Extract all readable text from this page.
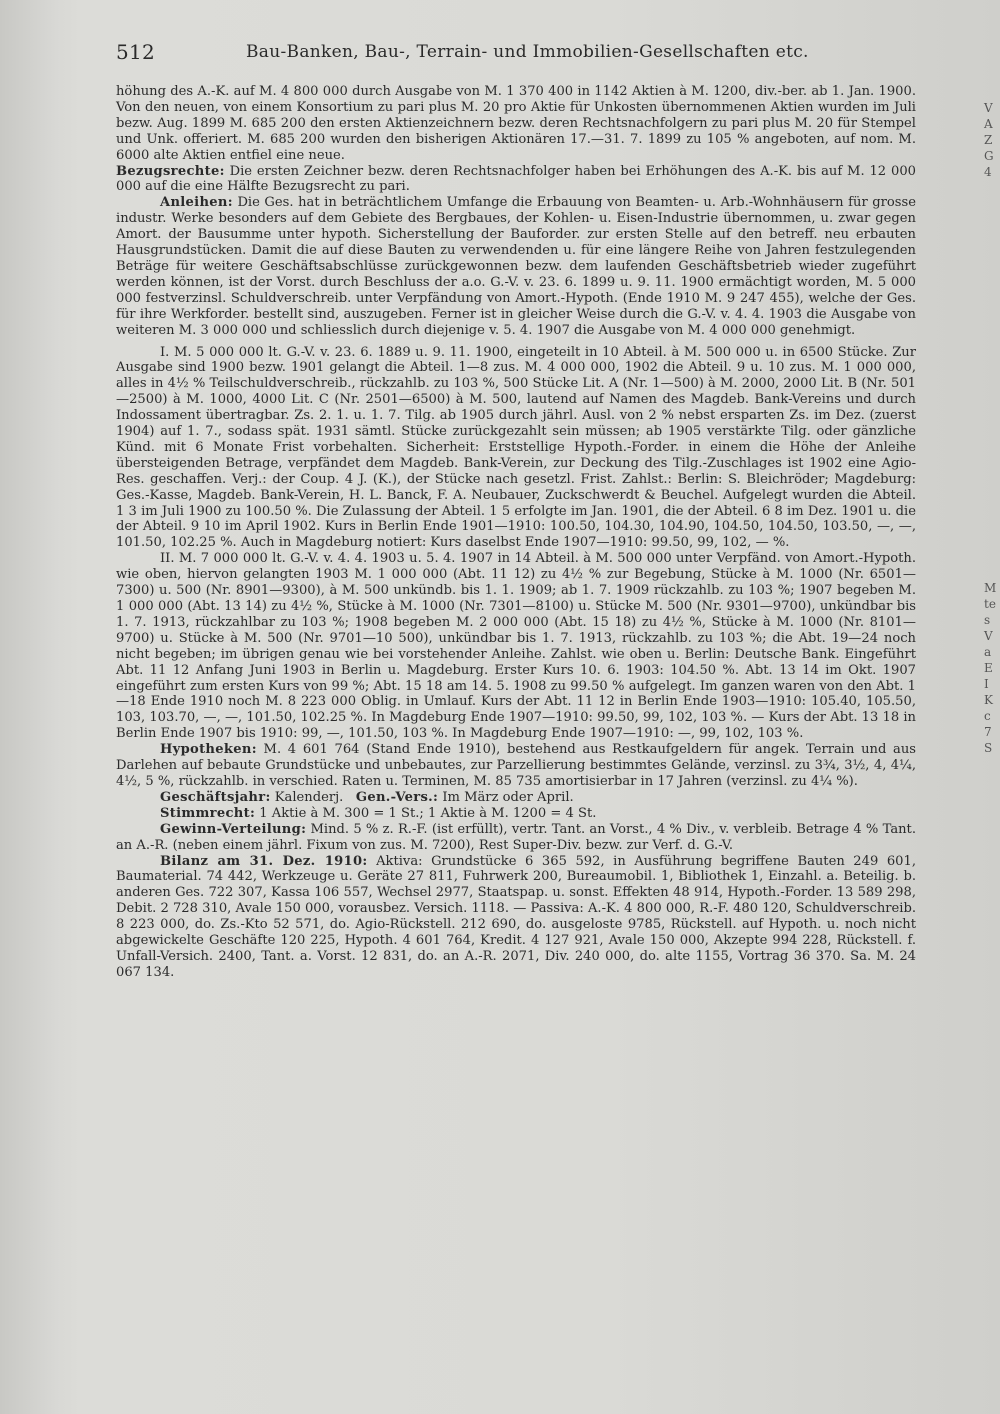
512	Bau-Banken, Bau-, Terrain- und Immobilien-Gesellschaften etc.

höhung des A.-K. auf M. 4 800 000 durch Ausgabe von M. 1 370 400 in 1142 Aktien à M. 1200, div.-ber. ab 1. Jan. 1900. Von den neuen, von einem Konsortium zu pari plus M. 20 pro Aktie für Unkosten übernommenen Aktien wurden im Juli bezw. Aug. 1899 M. 685 200 den ersten Aktienzeichnern bezw. deren Rechtsnachfolgern zu pari plus M. 20 für Stempel und Unk. offeriert. M. 685 200 wurden den bisherigen Aktionären 17.—31. 7. 1899 zu 105 % angeboten, auf nom. M. 6000 alte Aktien entfiel eine neue.

Bezugsrechte: Die ersten Zeichner bezw. deren Rechtsnachfolger haben bei Erhöhungen des A.-K. bis auf M. 12 000 000 auf die eine Hälfte Bezugsrecht zu pari.

Anleihen: Die Ges. hat in beträchtlichem Umfange die Erbauung von Beamten- u. Arb.-Wohnhäusern für grosse industr. Werke besonders auf dem Gebiete des Bergbaues, der Kohlen- u. Eisen-Industrie übernommen, u. zwar gegen Amort. der Bausumme unter hypoth. Sicherstellung der Bauforder. zur ersten Stelle auf den betreff. neu erbauten Hausgrundstücken. Damit die auf diese Bauten zu verwendenden u. für eine längere Reihe von Jahren festzulegenden Beträge für weitere Geschäftsabschlüsse zurückgewonnen bezw. dem laufenden Geschäftsbetrieb wieder zugeführt werden können, ist der Vorst. durch Beschluss der a.o. G.-V. v. 23. 6. 1899 u. 9. 11. 1900 ermächtigt worden, M. 5 000 000 festverzinsl. Schuldverschreib. unter Verpfändung von Amort.-Hypoth. (Ende 1910 M. 9 247 455), welche der Ges. für ihre Werkforder. bestellt sind, auszugeben. Ferner ist in gleicher Weise durch die G.-V. v. 4. 4. 1903 die Ausgabe von weiteren M. 3 000 000 und schliesslich durch diejenige v. 5. 4. 1907 die Ausgabe von M. 4 000 000 genehmigt.

I. M. 5 000 000 lt. G.-V. v. 23. 6. 1889 u. 9. 11. 1900, eingeteilt in 10 Abteil. à M. 500 000 u. in 6500 Stücke. Zur Ausgabe sind 1900 bezw. 1901 gelangt die Abteil. 1—8 zus. M. 4 000 000, 1902 die Abteil. 9 u. 10 zus. M. 1 000 000, alles in 4½ % Teilschuldverschreib., rückzahlb. zu 103 %, 500 Stücke Lit. A (Nr. 1—500) à M. 2000, 2000 Lit. B (Nr. 501—2500) à M. 1000, 4000 Lit. C (Nr. 2501—6500) à M. 500, lautend auf Namen des Magdeb. Bank-Vereins und durch Indossament übertragbar. Zs. 2. 1. u. 1. 7. Tilg. ab 1905 durch jährl. Ausl. von 2 % nebst ersparten Zs. im Dez. (zuerst 1904) auf 1. 7., sodass spät. 1931 sämtl. Stücke zurückgezahlt sein müssen; ab 1905 verstärkte Tilg. oder gänzliche Künd. mit 6 Monate Frist vorbehalten. Sicherheit: Erststellige Hypoth.-Forder. in einem die Höhe der Anleihe übersteigenden Betrage, verpfändet dem Magdeb. Bank-Verein, zur Deckung des Tilg.-Zuschlages ist 1902 eine Agio-Res. geschaffen. Verj.: der Coup. 4 J. (K.), der Stücke nach gesetzl. Frist. Zahlst.: Berlin: S. Bleichröder; Magdeburg: Ges.-Kasse, Magdeb. Bank-Verein, H. L. Banck, F. A. Neubauer, Zuckschwerdt & Beuchel. Aufgelegt wurden die Abteil. 1 3 im Juli 1900 zu 100.50 %. Die Zulassung der Abteil. 1 5 erfolgte im Jan. 1901, die der Abteil. 6 8 im Dez. 1901 u. die der Abteil. 9 10 im April 1902. Kurs in Berlin Ende 1901—1910: 100.50, 104.30, 104.90, 104.50, 104.50, 103.50, —, —, 101.50, 102.25 %. Auch in Magdeburg notiert: Kurs daselbst Ende 1907—1910: 99.50, 99, 102, — %.

II. M. 7 000 000 lt. G.-V. v. 4. 4. 1903 u. 5. 4. 1907 in 14 Abteil. à M. 500 000 unter Verpfänd. von Amort.-Hypoth. wie oben, hiervon gelangten 1903 M. 1 000 000 (Abt. 11 12) zu 4½ % zur Begebung, Stücke à M. 1000 (Nr. 6501—7300) u. 500 (Nr. 8901—9300), à M. 500 unkündb. bis 1. 1. 1909; ab 1. 7. 1909 rückzahlb. zu 103 %; 1907 begeben M. 1 000 000 (Abt. 13 14) zu 4½ %, Stücke à M. 1000 (Nr. 7301—8100) u. Stücke M. 500 (Nr. 9301—9700), unkündbar bis 1. 7. 1913, rückzahlbar zu 103 %; 1908 begeben M. 2 000 000 (Abt. 15 18) zu 4½ %, Stücke à M. 1000 (Nr. 8101—9700) u. Stücke à M. 500 (Nr. 9701—10 500), unkündbar bis 1. 7. 1913, rückzahlb. zu 103 %; die Abt. 19—24 noch nicht begeben; im übrigen genau wie bei vorstehender Anleihe. Zahlst. wie oben u. Berlin: Deutsche Bank. Eingeführt Abt. 11 12 Anfang Juni 1903 in Berlin u. Magdeburg. Erster Kurs 10. 6. 1903: 104.50 %. Abt. 13 14 im Okt. 1907 eingeführt zum ersten Kurs von 99 %; Abt. 15 18 am 14. 5. 1908 zu 99.50 % aufgelegt. Im ganzen waren von den Abt. 1—18 Ende 1910 noch M. 8 223 000 Oblig. in Umlauf. Kurs der Abt. 11 12 in Berlin Ende 1903—1910: 105.40, 105.50, 103, 103.70, —, —, 101.50, 102.25 %. In Magdeburg Ende 1907—1910: 99.50, 99, 102, 103 %. — Kurs der Abt. 13 18 in Berlin Ende 1907 bis 1910: 99, —, 101.50, 103 %. In Magdeburg Ende 1907—1910: —, 99, 102, 103 %.

Hypotheken: M. 4 601 764 (Stand Ende 1910), bestehend aus Restkaufgeldern für angek. Terrain und aus Darlehen auf bebaute Grundstücke und unbebautes, zur Parzellierung bestimmtes Gelände, verzinsl. zu 3¾, 3½, 4, 4¼, 4½, 5 %, rückzahlb. in verschied. Raten u. Terminen, M. 85 735 amortisierbar in 17 Jahren (verzinsl. zu 4¼ %).

Geschäftsjahr: Kalenderj. Gen.-Vers.: Im März oder April.

Stimmrecht: 1 Aktie à M. 300 = 1 St.; 1 Aktie à M. 1200 = 4 St.

Gewinn-Verteilung: Mind. 5 % z. R.-F. (ist erfüllt), vertr. Tant. an Vorst., 4 % Div., v. verbleib. Betrage 4 % Tant. an A.-R. (neben einem jährl. Fixum von zus. M. 7200), Rest Super-Div. bezw. zur Verf. d. G.-V.

Bilanz am 31. Dez. 1910: Aktiva: Grundstücke 6 365 592, in Ausführung begriffene Bauten 249 601, Baumaterial. 74 442, Werkzeuge u. Geräte 27 811, Fuhrwerk 200, Bureaumobil. 1, Bibliothek 1, Einzahl. a. Beteilig. b. anderen Ges. 722 307, Kassa 106 557, Wechsel 2977, Staatspap. u. sonst. Effekten 48 914, Hypoth.-Forder. 13 589 298, Debit. 2 728 310, Avale 150 000, vorausbez. Versich. 1118. — Passiva: A.-K. 4 800 000, R.-F. 480 120, Schuldverschreib. 8 223 000, do. Zs.-Kto 52 571, do. Agio-Rückstell. 212 690, do. ausgeloste 9785, Rückstell. auf Hypoth. u. noch nicht abgewickelte Geschäfte 120 225, Hypoth. 4 601 764, Kredit. 4 127 921, Avale 150 000, Akzepte 994 228, Rückstell. f. Unfall-Versich. 2400, Tant. a. Vorst. 12 831, do. an A.-R. 2071, Div. 240 000, do. alte 1155, Vortrag 36 370. Sa. M. 24 067 134.

V
A
Z
G
4
M
te
s
V
a
E
I
K
c
7
S
